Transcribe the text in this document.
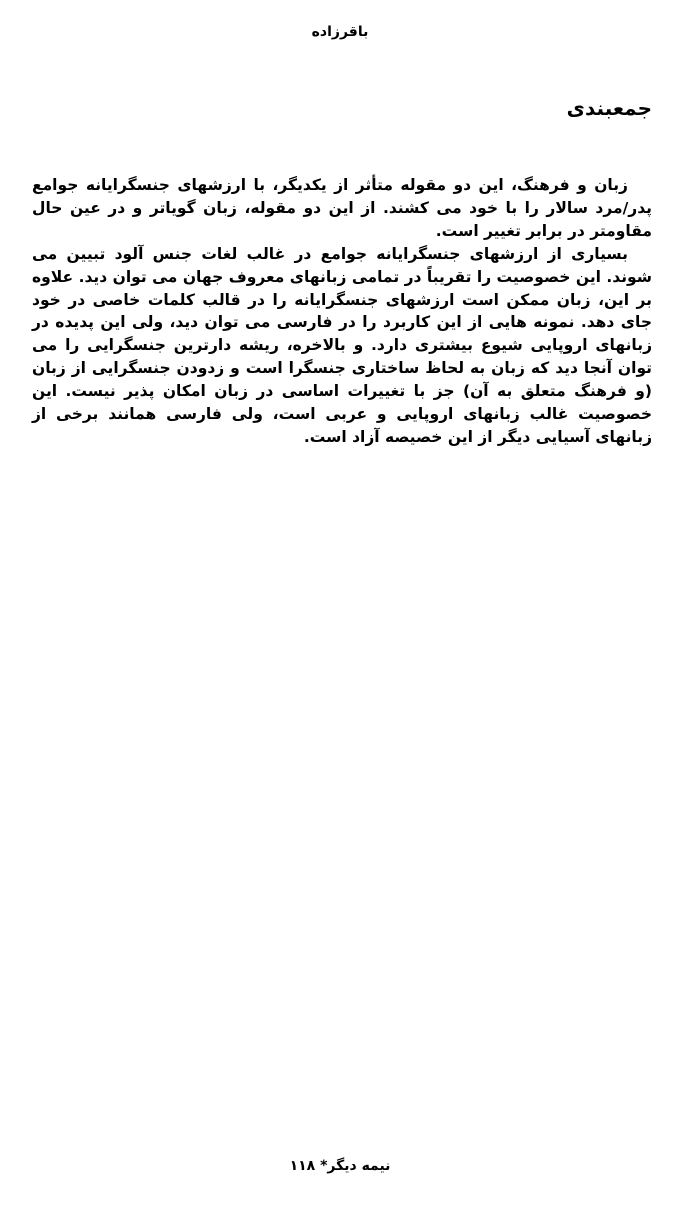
باقرزاده
جمعبندی

زبان و فرهنگ، این دو مقوله متأثر از یکدیگر، با ارزشهای جنسگرایانه جوامع پدر/مرد سالار را با خود می کشند. از این دو مقوله، زبان گویاتر و در عین حال مقاومتر در برابر تغییر است.

بسیاری از ارزشهای جنسگرایانه جوامع در غالب لغات جنس آلود تبیین می شوند. این خصوصیت را تقریباً در تمامی زبانهای معروف جهان می توان دید. علاوه بر این، زبان ممکن است ارزشهای جنسگرایانه را در قالب کلمات خاصی در خود جای دهد. نمونه هایی از این کاربرد را در فارسی می توان دید، ولی این پدیده در زبانهای اروپایی شیوع بیشتری دارد. و بالاخره، ریشه دارترین جنسگرایی را می توان آنجا دید که زبان به لحاظ ساختاری جنسگرا است و زدودن جنسگرایی از زبان (و فرهنگ متعلق به آن) جز با تغییرات اساسی در زبان امکان پذیر نیست. این خصوصیت غالب زبانهای اروپایی و عربی است، ولی فارسی همانند برخی از زبانهای آسیایی دیگر از این خصیصه آزاد است.

نیمه دیگر* ۱۱۸
